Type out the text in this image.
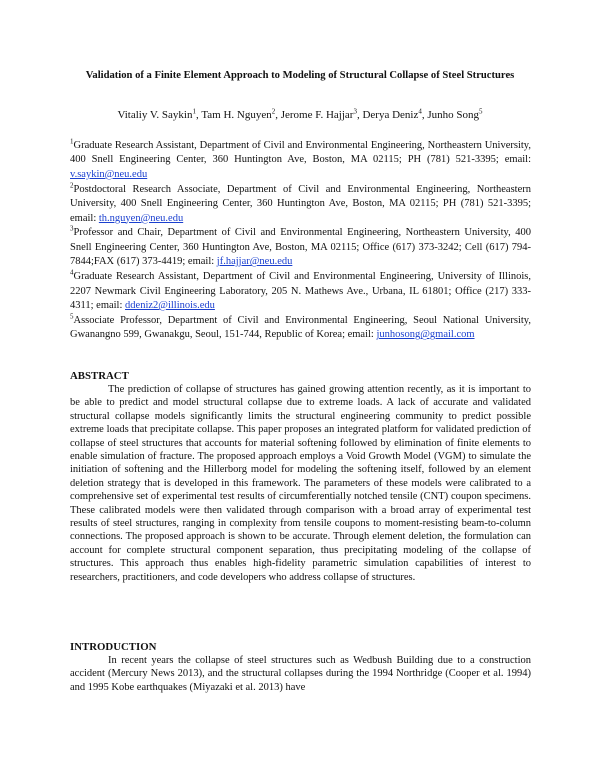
Validation of a Finite Element Approach to Modeling of Structural Collapse of Steel Structures
Vitaliy V. Saykin$^1$, Tam H. Nguyen$^2$, Jerome F. Hajjar$^3$, Derya Deniz$^4$, Junho Song$^5$

$^1$Graduate Research Assistant, Department of Civil and Environmental Engineering, Northeastern University, 400 Snell Engineering Center, 360 Huntington Ave, Boston, MA 02115; PH (781) 521-3395; email: v.saykin@neu.edu

$^2$Postdoctoral Research Associate, Department of Civil and Environmental Engineering, Northeastern University, 400 Snell Engineering Center, 360 Huntington Ave, Boston, MA 02115; PH (781) 521-3395; email: th.nguyen@neu.edu

$^3$Professor and Chair, Department of Civil and Environmental Engineering, Northeastern University, 400 Snell Engineering Center, 360 Huntington Ave, Boston, MA 02115; Office (617) 373-3242; Cell (617) 794-7844;FAX (617) 373-4419; email: jf.hajjar@neu.edu

$^4$Graduate Research Assistant, Department of Civil and Environmental Engineering, University of Illinois, 2207 Newmark Civil Engineering Laboratory, 205 N. Mathews Ave., Urbana, IL 61801; Office (217) 333-4311; email: ddeniz2@illinois.edu

$^5$Associate Professor, Department of Civil and Environmental Engineering, Seoul National University, Gwanangno 599, Gwanakgu, Seoul, 151-744, Republic of Korea; email: junhosong@gmail.com

ABSTRACT

The prediction of collapse of structures has gained growing attention recently, as it is important to be able to predict and model structural collapse due to extreme loads. A lack of accurate and validated structural collapse models significantly limits the structural engineering community to predict possible extreme loads that precipitate collapse. This paper proposes an integrated platform for validated prediction of collapse of steel structures that accounts for material softening followed by elimination of finite elements to enable simulation of fracture. The proposed approach employs a Void Growth Model (VGM) to simulate the initiation of softening and the Hillerborg model for modeling the softening itself, followed by an element deletion strategy that is developed in this framework. The parameters of these models were calibrated to a comprehensive set of experimental test results of circumferentially notched tensile (CNT) coupon specimens. These calibrated models were then validated through comparison with a broad array of experimental test results of steel structures, ranging in complexity from tensile coupons to moment-resisting beam-to-column connections. The proposed approach is shown to be accurate. Through element deletion, the formulation can account for complete structural component separation, thus precipitating modeling of the collapse of structures. This approach thus enables high-fidelity parametric simulation capabilities of interest to researchers, practitioners, and code developers who address collapse of structures.

INTRODUCTION

In recent years the collapse of steel structures such as Wedbush Building due to a construction accident (Mercury News 2013), and the structural collapses during the 1994 Northridge (Cooper et al. 1994) and 1995 Kobe earthquakes (Miyazaki et al. 2013) have
